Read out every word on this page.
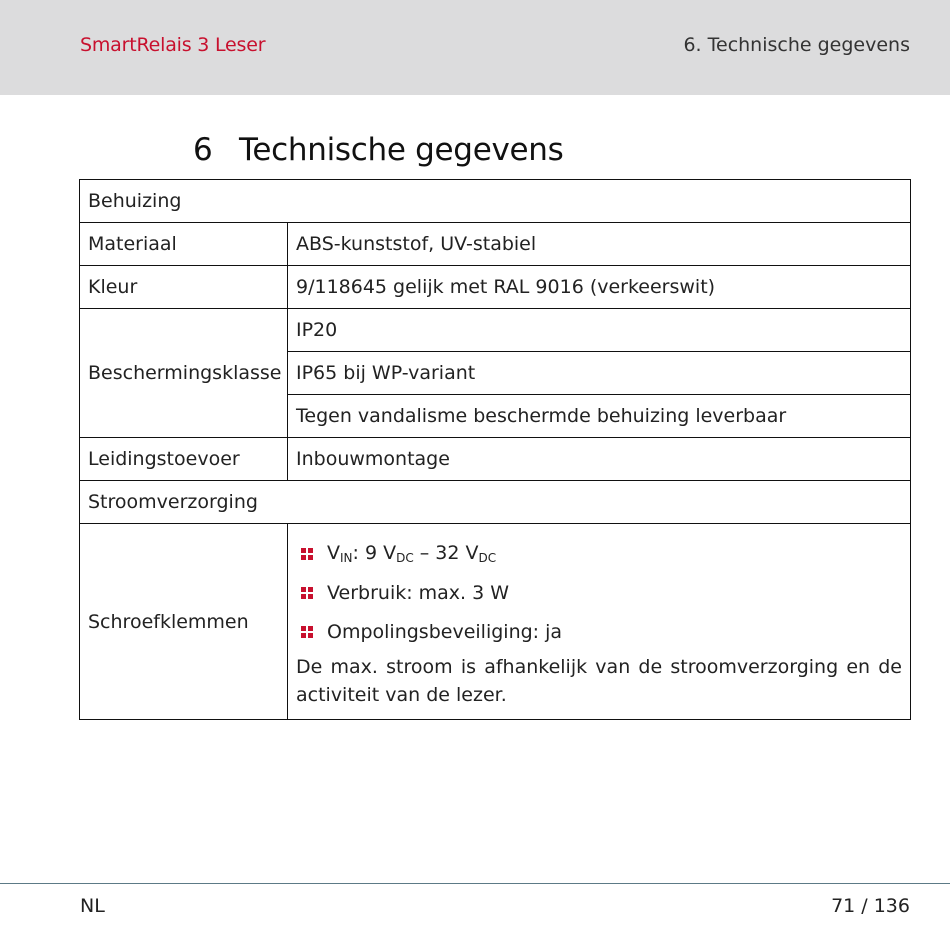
SmartRelais 3 Leser	6. Technische gegevens
6 Technische gegevens
Behuizing	
Materiaal	ABS-kunststof, UV-stabiel
Kleur	9/118645 gelijk met RAL 9016 (verkeerswit)
Beschermingsklasse	IP20
	IP65 bij WP-variant
	Tegen vandalisme beschermde behuizing leverbaar
Leidingstoevoer	Inbouwmontage
Stroomverzorging	
Schroefklemmen	$V_{IN}$: 9 $V_{DC} - 32$ $V_{DC}$
Verbruik: max. 3 W
Ompolingsbeveiliging: ja
De max. stroom is afhankelijk van de stroomverzorging en de activiteit van de lezer.
NL	71 / 136
